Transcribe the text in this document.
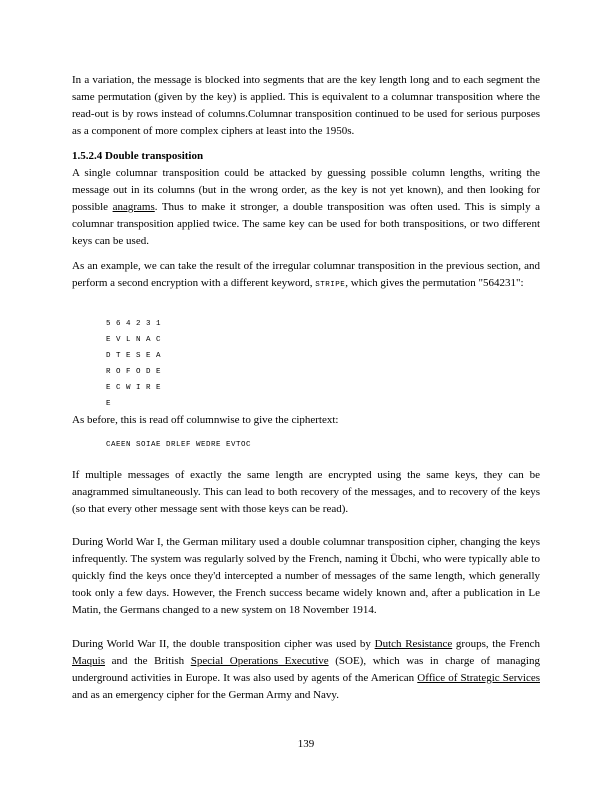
In a variation, the message is blocked into segments that are the key length long and to each segment the same permutation (given by the key) is applied. This is equivalent to a columnar transposition where the read-out is by rows instead of columns.Columnar transposition continued to be used for serious purposes as a component of more complex ciphers at least into the 1950s.

1.5.2.4 Double transposition

A single columnar transposition could be attacked by guessing possible column lengths, writing the message out in its columns (but in the wrong order, as the key is not yet known), and then looking for possible anagrams. Thus to make it stronger, a double transposition was often used. This is simply a columnar transposition applied twice. The same key can be used for both transpositions, or two different keys can be used.

As an example, we can take the result of the irregular columnar transposition in the previous section, and perform a second encryption with a different keyword, STRIPE, which gives the permutation "564231":

5 6 4 2 3 1
E V L N A C
D T E S E A
R O F O D E
E C W I R E
E

As before, this is read off columnwise to give the ciphertext:

CAEEN SOIAE DRLEF WEDRE EVTOC

If multiple messages of exactly the same length are encrypted using the same keys, they can be anagrammed simultaneously. This can lead to both recovery of the messages, and to recovery of the keys (so that every other message sent with those keys can be read).

During World War I, the German military used a double columnar transposition cipher, changing the keys infrequently. The system was regularly solved by the French, naming it Übchi, who were typically able to quickly find the keys once they'd intercepted a number of messages of the same length, which generally took only a few days. However, the French success became widely known and, after a publication in Le Matin, the Germans changed to a new system on 18 November 1914.

During World War II, the double transposition cipher was used by Dutch Resistance groups, the French Maquis and the British Special Operations Executive (SOE), which was in charge of managing underground activities in Europe. It was also used by agents of the American Office of Strategic Services and as an emergency cipher for the German Army and Navy.

139
